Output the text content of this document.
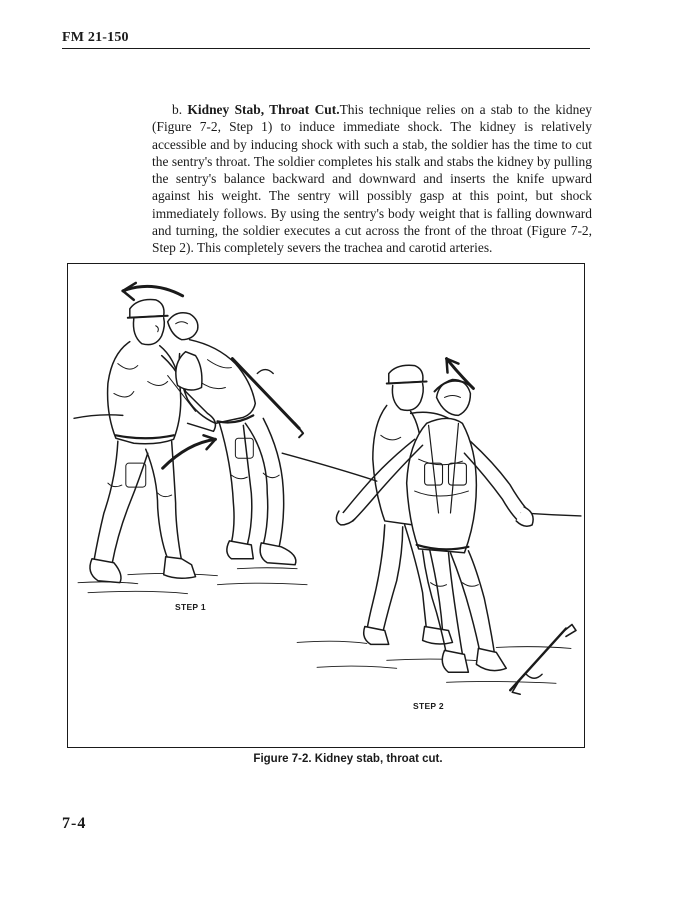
FM 21-150

b. Kidney Stab, Throat Cut.This technique relies on a stab to the kidney (Figure 7-2, Step 1) to induce immediate shock. The kidney is relatively accessible and by inducing shock with such a stab, the soldier has the time to cut the sentry's throat. The soldier completes his stalk and stabs the kidney by pulling the sentry's balance backward and downward and inserts the knife upward against his weight. The sentry will possibly gasp at this point, but shock immediately follows. By using the sentry's body weight that is falling downward and turning, the soldier executes a cut across the front of the throat (Figure 7-2, Step 2). This completely severs the trachea and carotid arteries.

STEP 1
STEP 2
Figure 7-2. Kidney stab, throat cut.
7-4
